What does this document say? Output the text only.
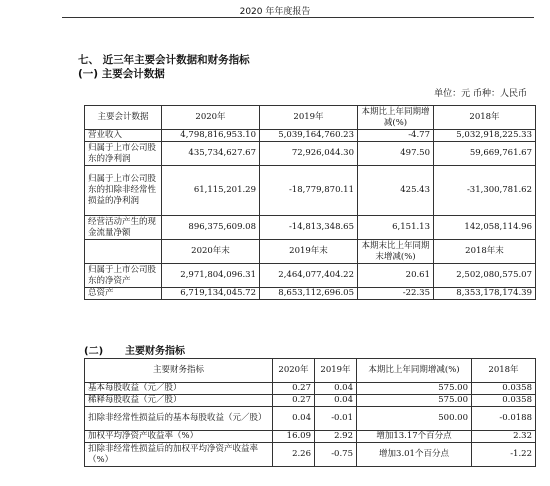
2020 年年度报告
七、 近三年主要会计数据和财务指标
(一) 主要会计数据
单位：元 币种：人民币
主要会计数据	2020年	2019年	本期比上年同期增减(%)	2018年
营业收入	4,798,816,953.10	5,039,164,760.23	-4.77	5,032,918,225.33
归属于上市公司股东的净利润	435,734,627.67	72,926,044.30	497.50	59,669,761.67
归属于上市公司股东的扣除非经常性损益的净利润	61,115,201.29	-18,779,870.11	425.43	-31,300,781.62
经营活动产生的现金流量净额	896,375,609.08	-14,813,348.65	6,151.13	142,058,114.96
	2020年末	2019年末	本期末比上年同期末增减(%)	2018年末
归属于上市公司股东的净资产	2,971,804,096.31	2,464,077,404.22	20.61	2,502,080,575.07
总资产	6,719,134,045.72	8,653,112,696.05	-22.35	8,353,178,174.39
(二) 主要财务指标
主要财务指标	2020年	2019年	本期比上年同期增减(%)	2018年
基本每股收益（元／股）	0.27	0.04	575.00	0.0358
稀释每股收益（元／股）	0.27	0.04	575.00	0.0358
扣除非经常性损益后的基本每股收益（元／股）	0.04	-0.01	500.00	-0.0188
加权平均净资产收益率（%）	16.09	2.92	增加13.17个百分点	2.32
扣除非经常性损益后的加权平均净资产收益率（%）	2.26	-0.75	增加3.01个百分点	-1.22
